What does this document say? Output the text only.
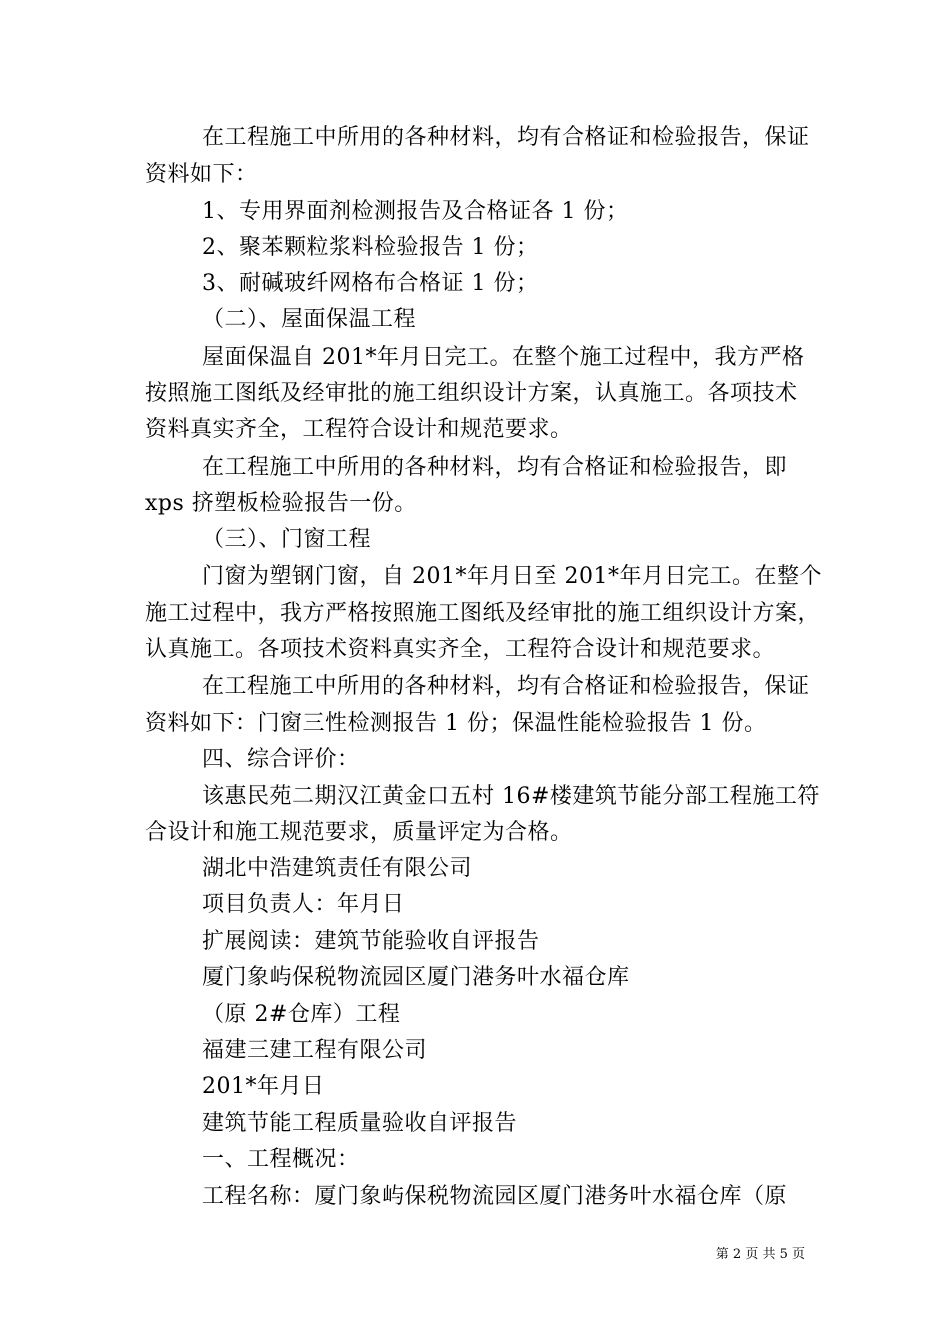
在工程施工中所用的各种材料，均有合格证和检验报告，保证
资料如下：
1、专用界面剂检测报告及合格证各 1 份；
2、聚苯颗粒浆料检验报告 1 份；
3、耐碱玻纤网格布合格证 1 份；
（二）、屋面保温工程
屋面保温自 201*年月日完工。在整个施工过程中，我方严格
按照施工图纸及经审批的施工组织设计方案，认真施工。各项技术
资料真实齐全，工程符合设计和规范要求。
在工程施工中所用的各种材料，均有合格证和检验报告，即
xps 挤塑板检验报告一份。
（三）、门窗工程
门窗为塑钢门窗，自 201*年月日至 201*年月日完工。在整个
施工过程中，我方严格按照施工图纸及经审批的施工组织设计方案，
认真施工。各项技术资料真实齐全，工程符合设计和规范要求。
在工程施工中所用的各种材料，均有合格证和检验报告，保证
资料如下：门窗三性检测报告 1 份；保温性能检验报告 1 份。
四、综合评价：
该惠民苑二期汉江黄金口五村 16#楼建筑节能分部工程施工符
合设计和施工规范要求，质量评定为合格。
湖北中浩建筑责任有限公司
项目负责人：年月日
扩展阅读：建筑节能验收自评报告
厦门象屿保税物流园区厦门港务叶水福仓库
（原 2#仓库）工程
福建三建工程有限公司
201*年月日
建筑节能工程质量验收自评报告
一、工程概况：
工程名称：厦门象屿保税物流园区厦门港务叶水福仓库（原
第 2 页 共 5 页
